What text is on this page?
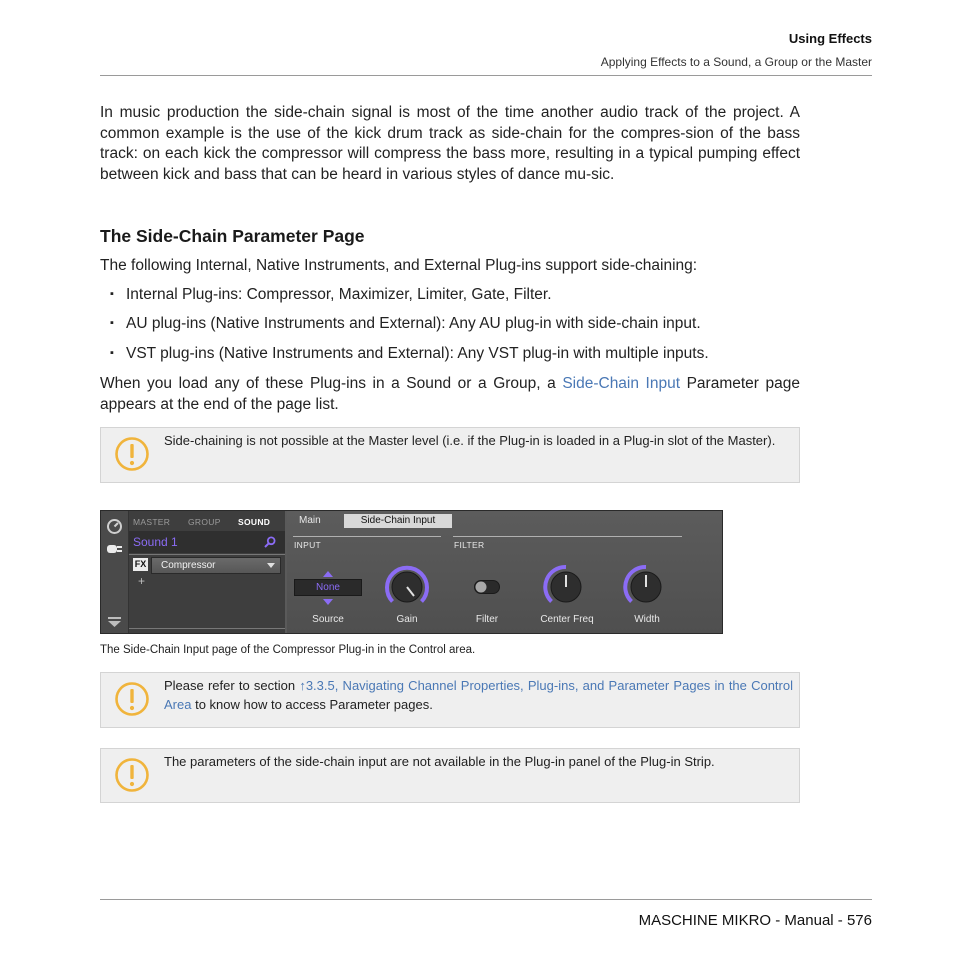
Using Effects
Applying Effects to a Sound, a Group or the Master

In music production the side-chain signal is most of the time another audio track of the project. A common example is the use of the kick drum track as side-chain for the compres-sion of the bass track: on each kick the compressor will compress the bass more, resulting in a typical pumping effect between kick and bass that can be heard in various styles of dance mu-sic.

The Side-Chain Parameter Page

The following Internal, Native Instruments, and External Plug-ins support side-chaining:

▪ Internal Plug-ins: Compressor, Maximizer, Limiter, Gate, Filter.
▪ AU plug-ins (Native Instruments and External): Any AU plug-in with side-chain input.
▪ VST plug-ins (Native Instruments and External): Any VST plug-in with multiple inputs.

When you load any of these Plug-ins in a Sound or a Group, a Side-Chain Input Parameter page appears at the end of the page list.

Side-chaining is not possible at the Master level (i.e. if the Plug-in is loaded in a Plug-in slot of the Master).
MASTER GROUP SOUND
Sound 1
FX Compressor
+
Main	Side-Chain Input
INPUT	FILTER
None
Source	Gain	Filter	Center Freq	Width
The Side-Chain Input page of the Compressor Plug-in in the Control area.
Please refer to section ↑3.3.5, Navigating Channel Properties, Plug-ins, and Parameter Pages in the Control Area to know how to access Parameter pages.
The parameters of the side-chain input are not available in the Plug-in panel of the Plug-in Strip.
MASCHINE MIKRO - Manual - 576
